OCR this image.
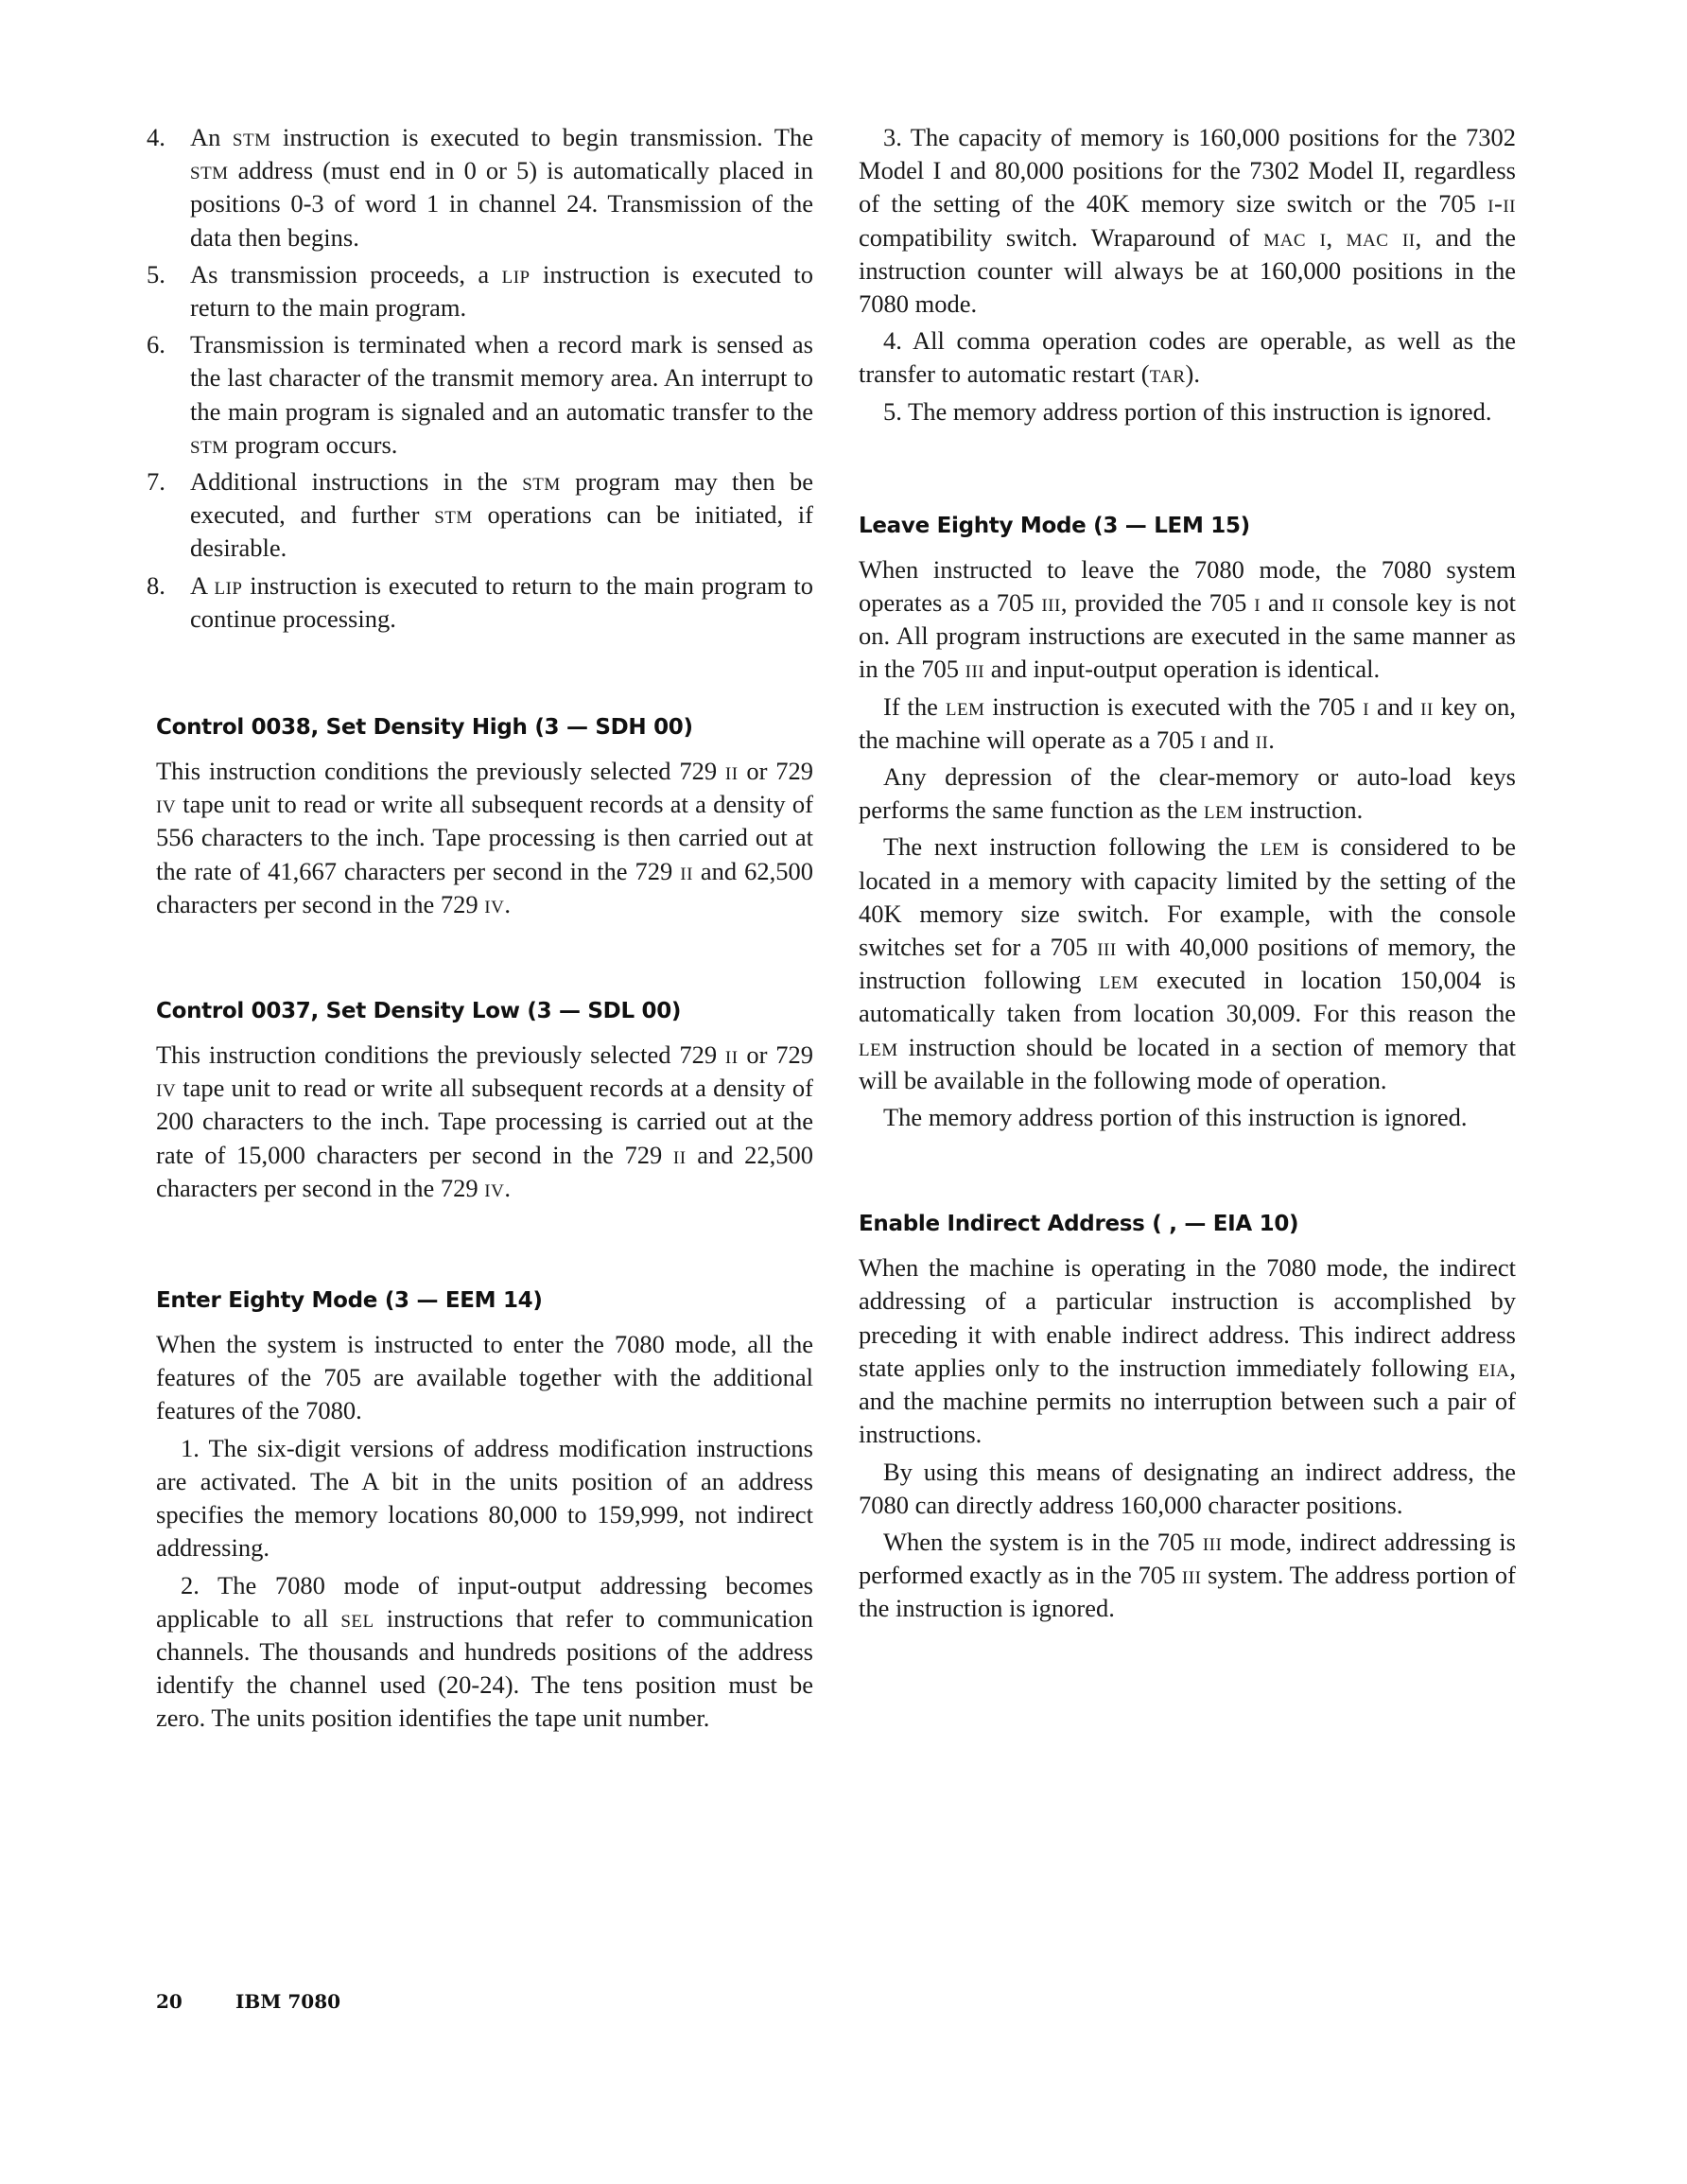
4. An stm instruction is executed to begin transmission. The stm address (must end in 0 or 5) is automatically placed in positions 0-3 of word 1 in channel 24. Transmission of the data then begins.

5. As transmission proceeds, a lip instruction is executed to return to the main program.

6. Transmission is terminated when a record mark is sensed as the last character of the transmit memory area. An interrupt to the main program is signaled and an automatic transfer to the stm program occurs.

7. Additional instructions in the stm program may then be executed, and further stm operations can be initiated, if desirable.

8. A lip instruction is executed to return to the main program to continue processing.

Control 0038, Set Density High (3 — SDH 00)

This instruction conditions the previously selected 729 ii or 729 iv tape unit to read or write all subsequent records at a density of 556 characters to the inch. Tape processing is then carried out at the rate of 41,667 characters per second in the 729 ii and 62,500 characters per second in the 729 iv.

Control 0037, Set Density Low (3 — SDL 00)

This instruction conditions the previously selected 729 ii or 729 iv tape unit to read or write all subsequent records at a density of 200 characters to the inch. Tape processing is carried out at the rate of 15,000 characters per second in the 729 ii and 22,500 characters per second in the 729 iv.

Enter Eighty Mode (3 — EEM 14)

When the system is instructed to enter the 7080 mode, all the features of the 705 are available together with the additional features of the 7080.

1. The six-digit versions of address modification instructions are activated. The A bit in the units position of an address specifies the memory locations 80,000 to 159,999, not indirect addressing.

2. The 7080 mode of input-output addressing becomes applicable to all sel instructions that refer to communication channels. The thousands and hundreds positions of the address identify the channel used (20-24). The tens position must be zero. The units position identifies the tape unit number.

3. The capacity of memory is 160,000 positions for the 7302 Model I and 80,000 positions for the 7302 Model II, regardless of the setting of the 40K memory size switch or the 705 i-ii compatibility switch. Wraparound of mac i, mac ii, and the instruction counter will always be at 160,000 positions in the 7080 mode.

4. All comma operation codes are operable, as well as the transfer to automatic restart (tar).

5. The memory address portion of this instruction is ignored.

Leave Eighty Mode (3 — LEM 15)

When instructed to leave the 7080 mode, the 7080 system operates as a 705 iii, provided the 705 i and ii console key is not on. All program instructions are executed in the same manner as in the 705 iii and input-output operation is identical.

If the lem instruction is executed with the 705 i and ii key on, the machine will operate as a 705 i and ii.

Any depression of the clear-memory or auto-load keys performs the same function as the lem instruction.

The next instruction following the lem is considered to be located in a memory with capacity limited by the setting of the 40K memory size switch. For example, with the console switches set for a 705 iii with 40,000 positions of memory, the instruction following lem executed in location 150,004 is automatically taken from location 30,009. For this reason the lem instruction should be located in a section of memory that will be available in the following mode of operation.

The memory address portion of this instruction is ignored.

Enable Indirect Address ( , — EIA 10)

When the machine is operating in the 7080 mode, the indirect addressing of a particular instruction is accomplished by preceding it with enable indirect address. This indirect address state applies only to the instruction immediately following eia, and the machine permits no interruption between such a pair of instructions.

By using this means of designating an indirect address, the 7080 can directly address 160,000 character positions.

When the system is in the 705 iii mode, indirect addressing is performed exactly as in the 705 iii system. The address portion of the instruction is ignored.

20	IBM 7080
